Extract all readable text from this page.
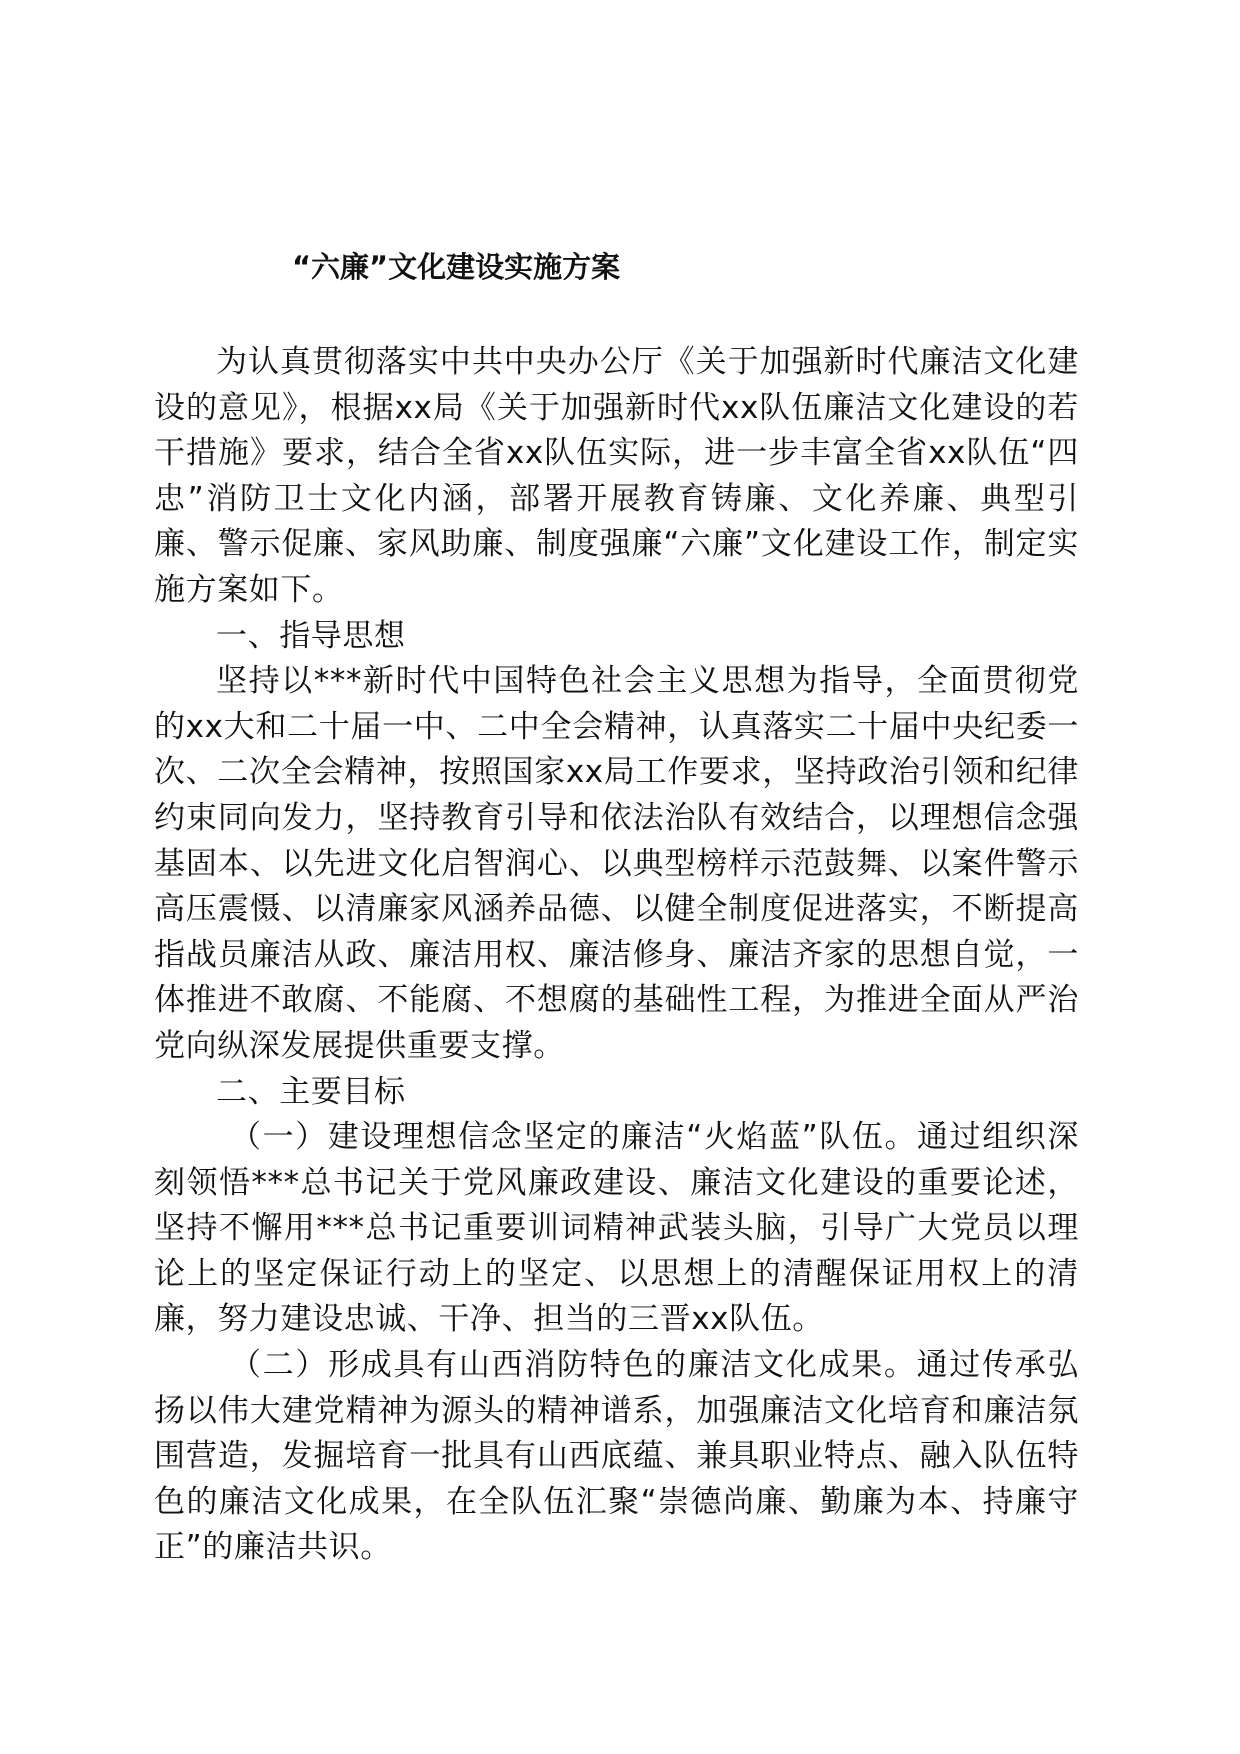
“六廉”文化建设实施方案

为认真贯彻落实中共中央办公厅《关于加强新时代廉洁文化建设的意见》，根据xx局《关于加强新时代xx队伍廉洁文化建设的若干措施》要求，结合全省xx队伍实际，进一步丰富全省xx队伍“四忠”消防卫士文化内涵，部署开展教育铸廉、文化养廉、典型引廉、警示促廉、家风助廉、制度强廉“六廉”文化建设工作，制定实施方案如下。

一、指导思想

坚持以***新时代中国特色社会主义思想为指导，全面贯彻党的xx大和二十届一中、二中全会精神，认真落实二十届中央纪委一次、二次全会精神，按照国家xx局工作要求，坚持政治引领和纪律约束同向发力，坚持教育引导和依法治队有效结合，以理想信念强基固本、以先进文化启智润心、以典型榜样示范鼓舞、以案件警示高压震慑、以清廉家风涵养品德、以健全制度促进落实，不断提高指战员廉洁从政、廉洁用权、廉洁修身、廉洁齐家的思想自觉，一体推进不敢腐、不能腐、不想腐的基础性工程，为推进全面从严治党向纵深发展提供重要支撑。

二、主要目标

（一）建设理想信念坚定的廉洁“火焰蓝”队伍。通过组织深刻领悟***总书记关于党风廉政建设、廉洁文化建设的重要论述，坚持不懈用***总书记重要训词精神武装头脑，引导广大党员以理论上的坚定保证行动上的坚定、以思想上的清醒保证用权上的清廉，努力建设忠诚、干净、担当的三晋xx队伍。

（二）形成具有山西消防特色的廉洁文化成果。通过传承弘扬以伟大建党精神为源头的精神谱系，加强廉洁文化培育和廉洁氛围营造，发掘培育一批具有山西底蕴、兼具职业特点、融入队伍特色的廉洁文化成果，在全队伍汇聚“崇德尚廉、勤廉为本、持廉守正”的廉洁共识。
